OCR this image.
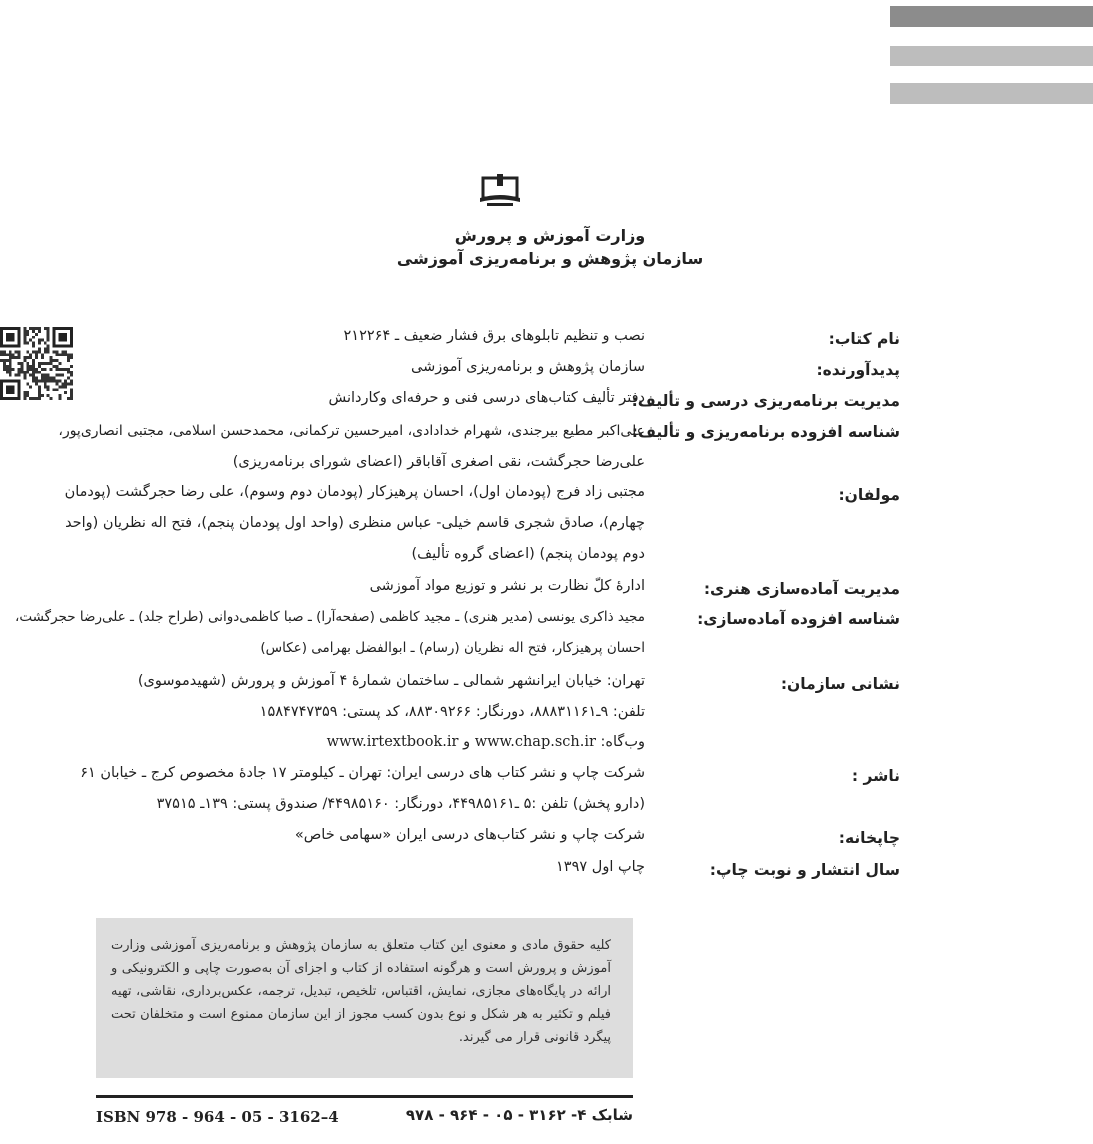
وزارت آموزش و پرورش
سازمان پژوهش و برنامه‌ریزی آموزشی
نام کتاب:
پدیدآورنده:
مدیریت برنامه‌ریزی درسی و تألیف:
شناسه افزوده برنامه‌ریزی و تألیف:
مولفان:
مدیریت آماده‌سازی هنری:
شناسه افزوده آماده‌سازی:
نشانی سازمان:
ناشر :
چاپخانه:
سال انتشار و نوبت چاپ:
نصب و تنظیم تابلوهای برق فشار ضعیف ـ ۲۱۲۲۶۴
سازمان پژوهش و برنامه‌ریزی آموزشی
دفتر تألیف کتاب‌های درسی فنی و حرفه‌ای وکاردانش
علی‌اکبر مطیع بیرجندی، شهرام خدادادی، امیرحسین ترکمانی، محمدحسن اسلامی، مجتبی انصاری‌پور،
علی‌رضا حجرگشت، نقی اصغری آقاباقر (اعضای شورای برنامه‌ریزی)
مجتبی زاد فرج (پودمان اول)، احسان پرهیزکار (پودمان دوم وسوم)، علی رضا حجرگشت (پودمان
چهارم)، صادق شجری قاسم خیلی- عباس منظری (واحد اول پودمان پنجم)، فتح اله نظریان (واحد
دوم پودمان پنجم) (اعضای گروه تألیف)
ادارهٔ کلّ نظارت بر نشر و توزیع مواد آموزشی
مجید ذاکری یونسی (مدیر هنری) ـ مجید کاظمی (صفحه‌آرا) ـ صبا کاظمی‌دوانی (طراح جلد) ـ علی‌رضا حجرگشت،
احسان پرهیزکار، فتح اله نظریان (رسام) ـ ابوالفضل بهرامی (عکاس)
تهران: خیابان ایرانشهر شمالی ـ ساختمان شمارهٔ ۴ آموزش و پرورش (شهیدموسوی)
تلفن: ۹ـ۸۸۸۳۱۱۶۱، دورنگار: ۸۸۳۰۹۲۶۶، کد پستی: ۱۵۸۴۷۴۷۳۵۹
وب‌گاه: www.chap.sch.ir و www.irtextbook.ir
شرکت چاپ و نشر کتاب های درسی ایران: تهران ـ کیلومتر ۱۷ جادهٔ مخصوص کرج ـ خیابان ۶۱
(دارو پخش) تلفن :۵ ـ۴۴۹۸۵۱۶۱، دورنگار: ۴۴۹۸۵۱۶۰/ صندوق پستی: ۱۳۹ـ ۳۷۵۱۵
شرکت چاپ و نشر کتاب‌های درسی ایران «سهامی خاص»
چاپ اول ۱۳۹۷
کلیه حقوق مادی و معنوی این کتاب متعلق به سازمان پژوهش و برنامه‌ریزی آموزشی وزارت آموزش و پرورش است و هرگونه استفاده از کتاب و اجزای آن به‌صورت چاپی و الکترونیکی و ارائه در پایگاه‌های مجازی، نمایش، اقتباس، تلخیص، تبدیل، ترجمه، عکس‌برداری، نقاشی، تهیه فیلم و تکثیر به هر شکل و نوع بدون کسب مجوز از این سازمان ممنوع است و متخلفان تحت پیگرد قانونی قرار می گیرند.
ISBN 978 - 964 - 05 - 3162–4	شابک ۴- ۳۱۶۲ - ۰۵ - ۹۶۴ - ۹۷۸
